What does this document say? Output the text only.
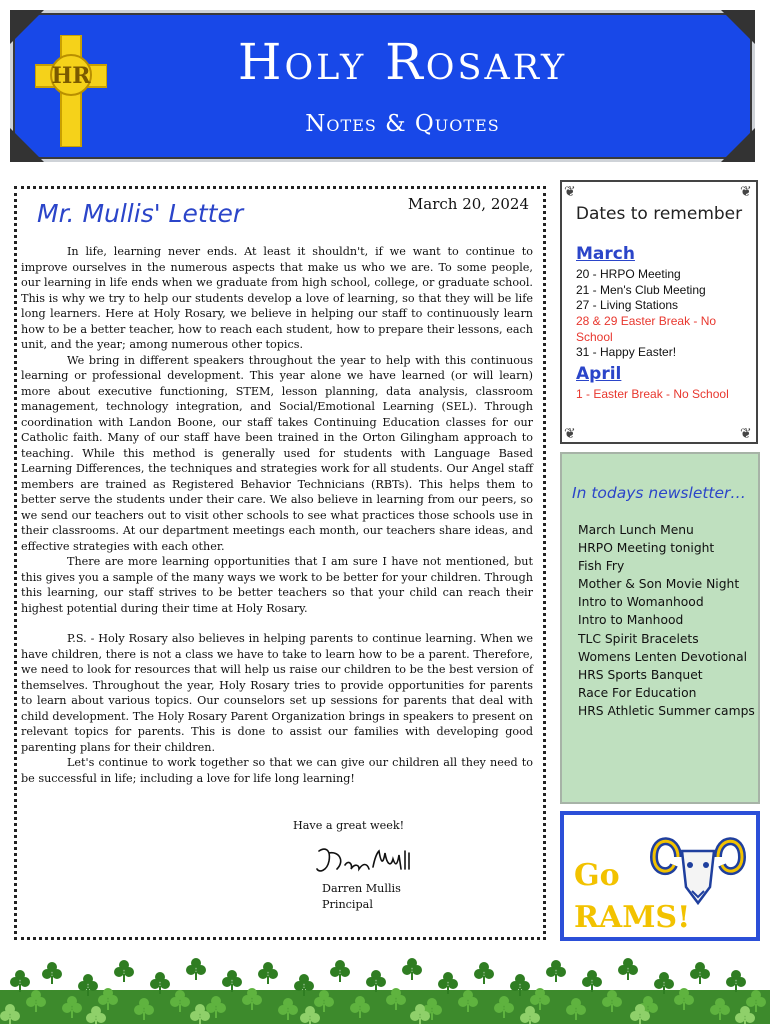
HR	Holy Rosary
Notes & Quotes
Mr. Mullis' Letter	March 20, 2024

In life, learning never ends. At least it shouldn't, if we want to continue to improve ourselves in the numerous aspects that make us who we are. To some people, our learning in life ends when we graduate from high school, college, or graduate school. This is why we try to help our students develop a love of learning, so that they will be life long learners. Here at Holy Rosary, we believe in helping our staff to continuously learn how to be a better teacher, how to reach each student, how to prepare their lessons, each unit, and the year; among numerous other topics.

We bring in different speakers throughout the year to help with this continuous learning or professional development. This year alone we have learned (or will learn) more about executive functioning, STEM, lesson planning, data analysis, classroom management, technology integration, and Social/Emotional Learning (SEL). Through coordination with Landon Boone, our staff takes Continuing Education classes for our Catholic faith. Many of our staff have been trained in the Orton Gilingham approach to teaching. While this method is generally used for students with Language Based Learning Differences, the techniques and strategies work for all students. Our Angel staff members are trained as Registered Behavior Technicians (RBTs). This helps them to better serve the students under their care. We also believe in learning from our peers, so we send our teachers out to visit other schools to see what practices those schools use in their classrooms. At our department meetings each month, our teachers share ideas, and effective strategies with each other.

There are more learning opportunities that I am sure I have not mentioned, but this gives you a sample of the many ways we work to be better for your children. Through this learning, our staff strives to be better teachers so that your child can reach their highest potential during their time at Holy Rosary.

P.S. - Holy Rosary also believes in helping parents to continue learning. When we have children, there is not a class we have to take to learn how to be a parent. Therefore, we need to look for resources that will help us raise our children to be the best version of themselves. Throughout the year, Holy Rosary tries to provide opportunities for parents to learn about various topics. Our counselors set up sessions for parents that deal with child development. The Holy Rosary Parent Organization brings in speakers to present on relevant topics for parents. This is done to assist our families with developing good parenting plans for their children.

Let's continue to work together so that we can give our children all they need to be successful in life; including a love for life long learning!

Have a great week!
Darren Mullis
Principal
❦	❦
❦	❦
Dates to remember
March
20 - HRPO Meeting
21 - Men's Club Meeting
27 - Living Stations
28 & 29 Easter Break - No School
31 - Happy Easter!
April
1 - Easter Break - No School
In todays newsletter…
March Lunch Menu
HRPO Meeting tonight
Fish Fry
Mother & Son Movie Night
Intro to Womanhood
Intro to Manhood
TLC Spirit Bracelets
Womens Lenten Devotional
HRS Sports Banquet
Race For Education
HRS Athletic Summer camps
Go
RAMS!
